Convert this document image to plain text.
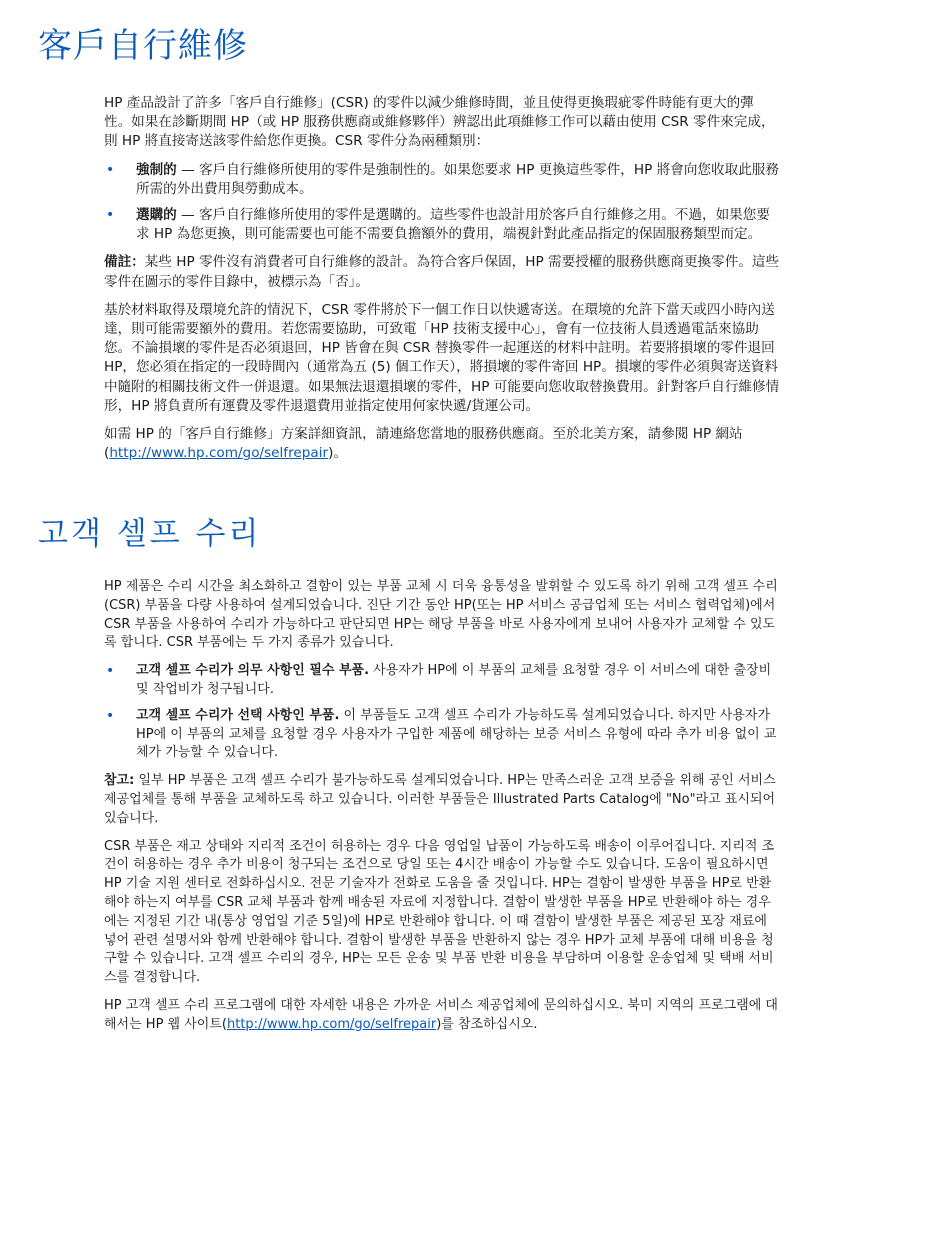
客戶自行維修

HP 產品設計了許多「客戶自行維修」(CSR) 的零件以減少維修時間，並且使得更換瑕疵零件時能有更大的彈性。如果在診斷期間 HP（或 HP 服務供應商或維修夥伴）辨認出此項維修工作可以藉由使用 CSR 零件來完成，則 HP 將直接寄送該零件給您作更換。CSR 零件分為兩種類別：

• 強制的 — 客戶自行維修所使用的零件是強制性的。如果您要求 HP 更換這些零件，HP 將會向您收取此服務所需的外出費用與勞動成本。
• 選購的 — 客戶自行維修所使用的零件是選購的。這些零件也設計用於客戶自行維修之用。不過，如果您要求 HP 為您更換，則可能需要也可能不需要負擔額外的費用，端視針對此產品指定的保固服務類型而定。

備註：某些 HP 零件沒有消費者可自行維修的設計。為符合客戶保固，HP 需要授權的服務供應商更換零件。這些零件在圖示的零件目錄中，被標示為「否」。

基於材料取得及環境允許的情況下，CSR 零件將於下一個工作日以快遞寄送。在環境的允許下當天或四小時內送達，則可能需要額外的費用。若您需要協助，可致電「HP 技術支援中心」，會有一位技術人員透過電話來協助您。不論損壞的零件是否必須退回，HP 皆會在與 CSR 替換零件一起運送的材料中註明。若要將損壞的零件退回 HP，您必須在指定的一段時間內（通常為五 (5) 個工作天），將損壞的零件寄回 HP。損壞的零件必須與寄送資料中隨附的相關技術文件一併退還。如果無法退還損壞的零件，HP 可能要向您收取替換費用。針對客戶自行維修情形，HP 將負責所有運費及零件退還費用並指定使用何家快遞/貨運公司。

如需 HP 的「客戶自行維修」方案詳細資訊，請連絡您當地的服務供應商。至於北美方案，請參閱 HP 網站 (http://www.hp.com/go/selfrepair)。

고객 셀프 수리

HP 제품은 수리 시간을 최소화하고 결함이 있는 부품 교체 시 더욱 융통성을 발휘할 수 있도록 하기 위해 고객 셀프 수리(CSR) 부품을 다량 사용하여 설계되었습니다. 진단 기간 동안 HP(또는 HP 서비스 공급업체 또는 서비스 협력업체)에서 CSR 부품을 사용하여 수리가 가능하다고 판단되면 HP는 해당 부품을 바로 사용자에게 보내어 사용자가 교체할 수 있도록 합니다. CSR 부품에는 두 가지 종류가 있습니다.

• 고객 셀프 수리가 의무 사항인 필수 부품. 사용자가 HP에 이 부품의 교체를 요청할 경우 이 서비스에 대한 출장비 및 작업비가 청구됩니다.
• 고객 셀프 수리가 선택 사항인 부품. 이 부품들도 고객 셀프 수리가 가능하도록 설계되었습니다. 하지만 사용자가 HP에 이 부품의 교체를 요청할 경우 사용자가 구입한 제품에 해당하는 보증 서비스 유형에 따라 추가 비용 없이 교체가 가능할 수 있습니다.

참고: 일부 HP 부품은 고객 셀프 수리가 불가능하도록 설계되었습니다. HP는 만족스러운 고객 보증을 위해 공인 서비스 제공업체를 통해 부품을 교체하도록 하고 있습니다. 이러한 부품들은 Illustrated Parts Catalog에 "No"라고 표시되어 있습니다.

CSR 부품은 재고 상태와 지리적 조건이 허용하는 경우 다음 영업일 납품이 가능하도록 배송이 이루어집니다. 지리적 조건이 허용하는 경우 추가 비용이 청구되는 조건으로 당일 또는 4시간 배송이 가능할 수도 있습니다. 도움이 필요하시면 HP 기술 지원 센터로 전화하십시오. 전문 기술자가 전화로 도움을 줄 것입니다. HP는 결함이 발생한 부품을 HP로 반환해야 하는지 여부를 CSR 교체 부품과 함께 배송된 자료에 지정합니다. 결함이 발생한 부품을 HP로 반환해야 하는 경우에는 지정된 기간 내(통상 영업일 기준 5일)에 HP로 반환해야 합니다. 이 때 결함이 발생한 부품은 제공된 포장 재료에 넣어 관련 설명서와 함께 반환해야 합니다. 결함이 발생한 부품을 반환하지 않는 경우 HP가 교체 부품에 대해 비용을 청구할 수 있습니다. 고객 셀프 수리의 경우, HP는 모든 운송 및 부품 반환 비용을 부담하며 이용할 운송업체 및 택배 서비스를 결정합니다.

HP 고객 셀프 수리 프로그램에 대한 자세한 내용은 가까운 서비스 제공업체에 문의하십시오. 북미 지역의 프로그램에 대해서는 HP 웹 사이트(http://www.hp.com/go/selfrepair)를 참조하십시오.
